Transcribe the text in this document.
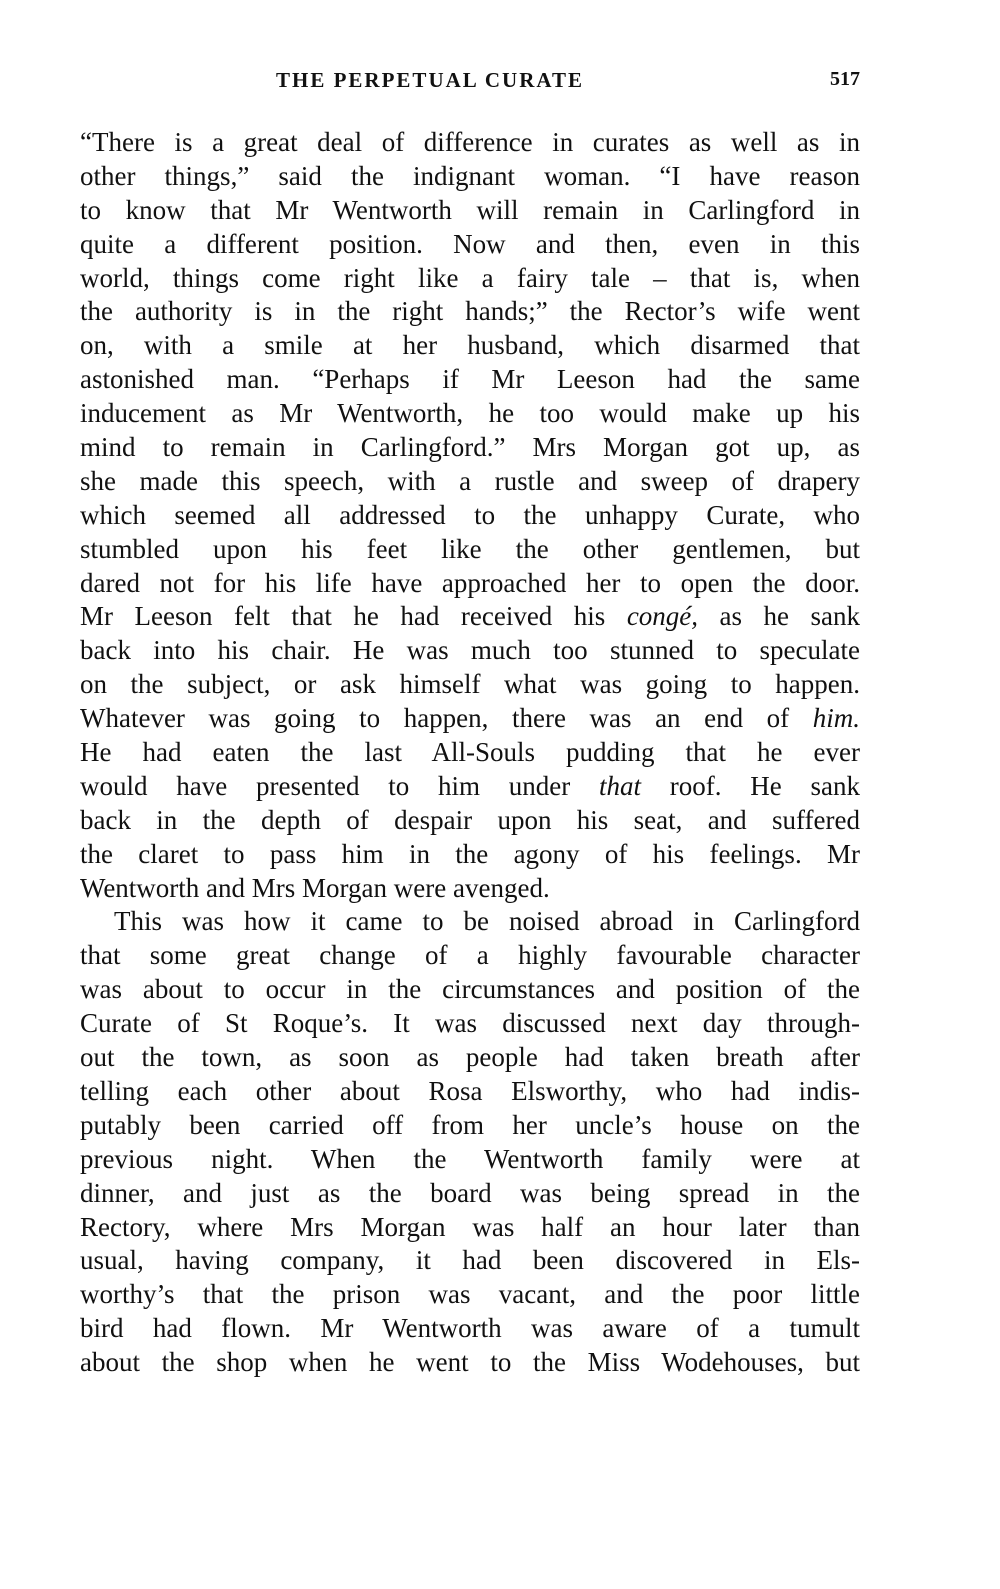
THE PERPETUAL CURATE	517
“There is a great deal of difference in curates as well as in
other things,” said the indignant woman. “I have reason
to know that Mr Wentworth will remain in Carlingford in
quite a different position. Now and then, even in this
world, things come right like a fairy tale – that is, when
the authority is in the right hands;” the Rector’s wife went
on, with a smile at her husband, which disarmed that
astonished man. “Perhaps if Mr Leeson had the same
inducement as Mr Wentworth, he too would make up his
mind to remain in Carlingford.” Mrs Morgan got up, as
she made this speech, with a rustle and sweep of drapery
which seemed all addressed to the unhappy Curate, who
stumbled upon his feet like the other gentlemen, but
dared not for his life have approached her to open the door.
Mr Leeson felt that he had received his congé, as he sank
back into his chair. He was much too stunned to speculate
on the subject, or ask himself what was going to happen.
Whatever was going to happen, there was an end of him.
He had eaten the last All-Souls pudding that he ever
would have presented to him under that roof. He sank
back in the depth of despair upon his seat, and suffered
the claret to pass him in the agony of his feelings. Mr
Wentworth and Mrs Morgan were avenged.
This was how it came to be noised abroad in Carlingford
that some great change of a highly favourable character
was about to occur in the circumstances and position of the
Curate of St Roque’s. It was discussed next day through-
out the town, as soon as people had taken breath after
telling each other about Rosa Elsworthy, who had indis-
putably been carried off from her uncle’s house on the
previous night. When the Wentworth family were at
dinner, and just as the board was being spread in the
Rectory, where Mrs Morgan was half an hour later than
usual, having company, it had been discovered in Els-
worthy’s that the prison was vacant, and the poor little
bird had flown. Mr Wentworth was aware of a tumult
about the shop when he went to the Miss Wodehouses, but
